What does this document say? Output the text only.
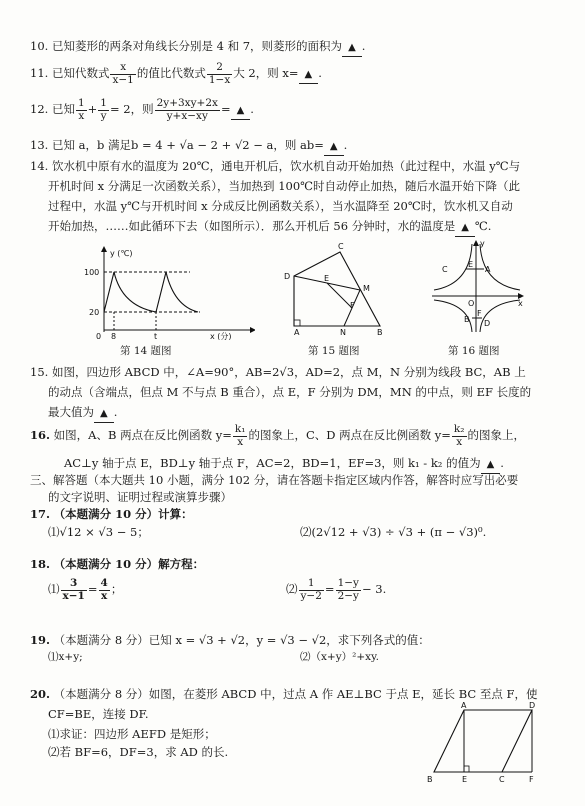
10. 已知菱形的两条对角线长分别是 4 和 7，则菱形的面积为 ▲ .
11. 已知代数式 $\frac{x}{x-1}$ 的值比代数式 $\frac{2}{1-x}$ 大 2，则 x= ▲ .
12. 已知 $\frac{1}{x} + \frac{1}{y} = 2$，则 $\frac{2y+3xy+2x}{y+x-xy}$ = ▲ .
13. 已知 a，b 满足b = 4 + √a − 2 + √2 − a，则 ab= ▲ .
14. 饮水机中原有水的温度为 20℃，通电开机后，饮水机自动开始加热（此过程中，水温 y℃与
开机时间 x 分满足一次函数关系），当加热到 100℃时自动停止加热，随后水温开始下降（此
过程中，水温 y℃与开机时间 x 分成反比例函数关系），当水温降至 20℃时，饮水机又自动
开始加热，……如此循环下去（如图所示）．那么开机后 56 分钟时，水的温度是 ▲ ℃.
y (℃)
100
20
0 8	t	x (分)
第 14 题图
D
C
E
M
F
A	N	B
第 15 题图
y
x
O
C
E
A
B
F
D
第 16 题图
15. 如图，四边形 ABCD 中，∠A=90°，AB=2√3，AD=2，点 M，N 分别为线段 BC，AB 上
的动点（含端点，但点 M 不与点 B 重合），点 E，F 分别为 DM，MN 的中点，则 EF 长度的
最大值为 ▲ .
16. 如图，A、B 两点在反比例函数 $y= \frac{\text{k₁}}{x}$ 的图象上，C、D 两点在反比例函数 $y= \frac{\text{k₂}}{x}$ 的图象上，
AC⊥y 轴于点 E，BD⊥y 轴于点 F，AC=2，BD=1，EF=3，则 k₁ - k₂ 的值为 ▲ .
三、解答题（本大题共 10 小题，满分 102 分，请在答题卡指定区域内作答，解答时应写出必要
的文字说明、证明过程或演算步骤）
17. （本题满分 10 分）计算：
⑴√12 × √3 − 5；	⑵(2√12 + √3) ÷ √3 + (π − √3)⁰.
18. （本题满分 10 分）解方程：
⑴ $\frac{3}{x-1} = \frac{4}{x}$ ；	⑵ $\frac{1}{y-2} = \frac{1-y}{2-y} - 3$.
19. （本题满分 8 分）已知 x = √3 + √2，y = √3 − √2，求下列各式的值：
⑴x+y;	⑵（x+y）²+xy.
20. （本题满分 8 分）如图，在菱形 ABCD 中，过点 A 作 AE⊥BC 于点 E，延长 BC 至点 F，使
CF=BE，连接 DF.
⑴求证：四边形 AEFD 是矩形；
⑵若 BF=6，DF=3，求 AD 的长.
A	D
B	E	C	F
